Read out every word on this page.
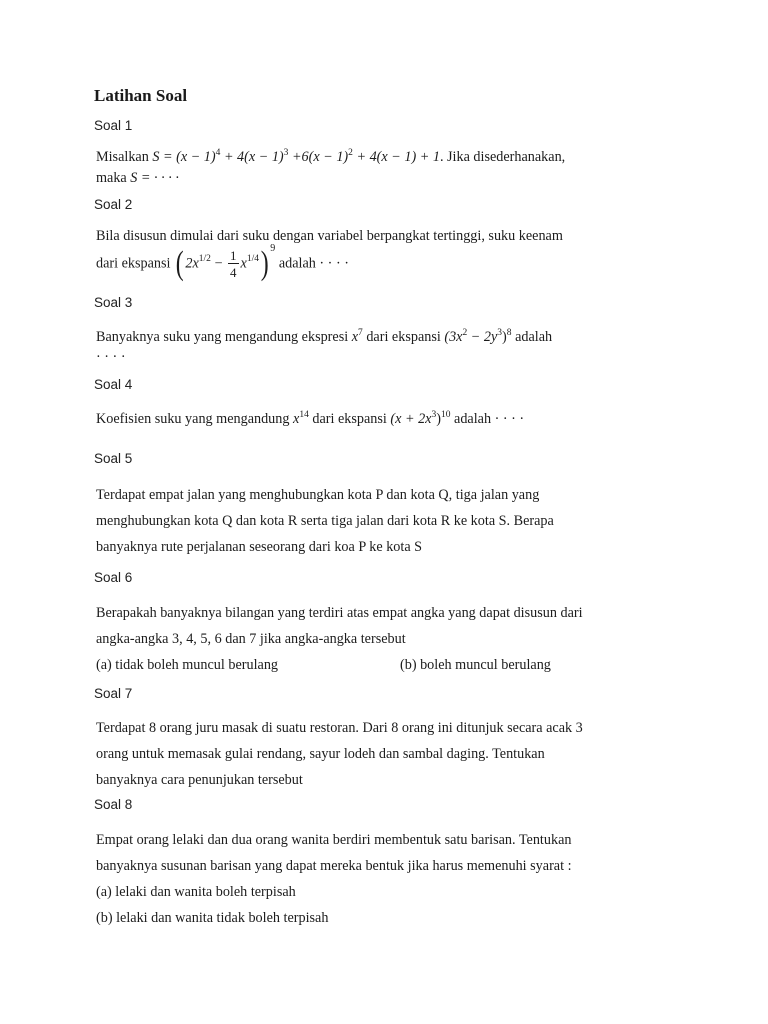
Latihan Soal
Soal 1
Misalkan $S = (x - 1)^4 + 4(x - 1)^3 +6(x - 1)^2 + 4(x - 1) + 1$. Jika disederhanakan,
maka S = · · · ·
Soal 2
Bila disusun dimulai dari suku dengan variabel berpangkat tertinggi, suku keenam
dari ekspansi ( $2x^{1/2} - \frac{1}{4} x^{1/4}$) $^9$ adalah · · · ·
Soal 3
Banyaknya suku yang mengandung ekspresi $x^7$ dari ekspansi $(3x^2 - 2y^3)^8$ adalah
· · · ·
Soal 4
Koefisien suku yang mengandung $x^{14}$ dari ekspansi $(x + 2x^3)^{10}$ adalah · · · ·
Soal 5
Terdapat empat jalan yang menghubungkan kota P dan kota Q, tiga jalan yang
menghubungkan kota Q dan kota R serta tiga jalan dari kota R ke kota S. Berapa
banyaknya rute perjalanan seseorang dari koa P ke kota S
Soal 6
Berapakah banyaknya bilangan yang terdiri atas empat angka yang dapat disusun dari
angka-angka 3, 4, 5, 6 dan 7 jika angka-angka tersebut
(a) tidak boleh muncul berulang	(b) boleh muncul berulang
Soal 7
Terdapat 8 orang juru masak di suatu restoran. Dari 8 orang ini ditunjuk secara acak 3
orang untuk memasak gulai rendang, sayur lodeh dan sambal daging. Tentukan
banyaknya cara penunjukan tersebut
Soal 8
Empat orang lelaki dan dua orang wanita berdiri membentuk satu barisan. Tentukan
banyaknya susunan barisan yang dapat mereka bentuk jika harus memenuhi syarat :
(a) lelaki dan wanita boleh terpisah
(b) lelaki dan wanita tidak boleh terpisah
